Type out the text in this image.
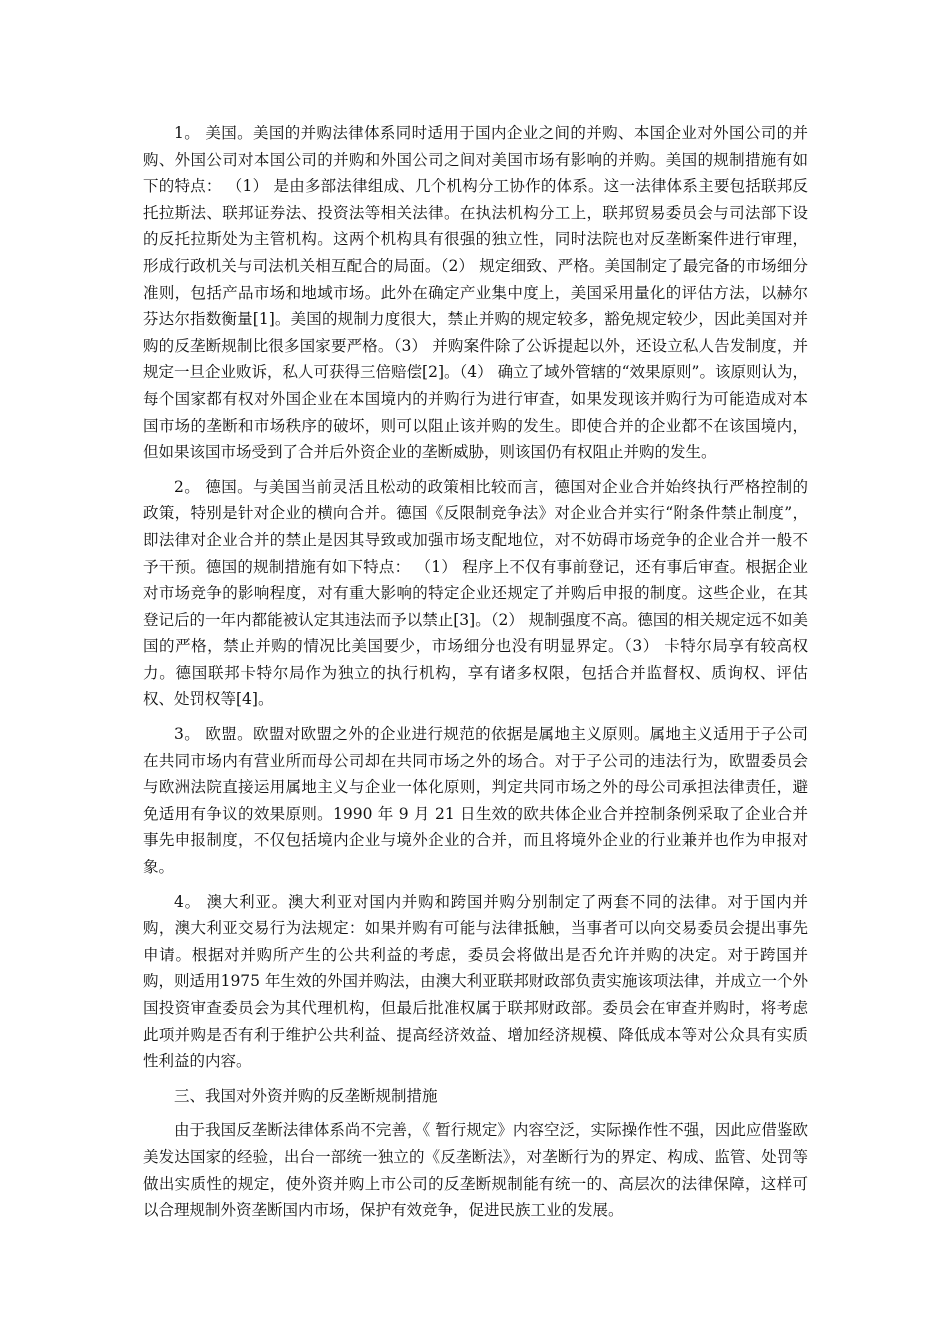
1。 美国。美国的并购法律体系同时适用于国内企业之间的并购、本国企业对外国公司的并购、外国公司对本国公司的并购和外国公司之间对美国市场有影响的并购。美国的规制措施有如下的特点： （1） 是由多部法律组成、几个机构分工协作的体系。这一法律体系主要包括联邦反托拉斯法、联邦证券法、投资法等相关法律。在执法机构分工上，联邦贸易委员会与司法部下设的反托拉斯处为主管机构。这两个机构具有很强的独立性，同时法院也对反垄断案件进行审理，形成行政机关与司法机关相互配合的局面。（2） 规定细致、严格。美国制定了最完备的市场细分准则，包括产品市场和地域市场。此外在确定产业集中度上，美国采用量化的评估方法，以赫尔芬达尔指数衡量[1]。美国的规制力度很大，禁止并购的规定较多，豁免规定较少，因此美国对并购的反垄断规制比很多国家要严格。（3） 并购案件除了公诉提起以外，还设立私人告发制度，并规定一旦企业败诉，私人可获得三倍赔偿[2]。（4） 确立了域外管辖的“效果原则”。该原则认为，每个国家都有权对外国企业在本国境内的并购行为进行审查，如果发现该并购行为可能造成对本国市场的垄断和市场秩序的破坏，则可以阻止该并购的发生。即使合并的企业都不在该国境内，但如果该国市场受到了合并后外资企业的垄断威胁，则该国仍有权阻止并购的发生。

2。 德国。与美国当前灵活且松动的政策相比较而言，德国对企业合并始终执行严格控制的政策，特别是针对企业的横向合并。德国《反限制竞争法》对企业合并实行“附条件禁止制度”，即法律对企业合并的禁止是因其导致或加强市场支配地位，对不妨碍市场竞争的企业合并一般不予干预。德国的规制措施有如下特点： （1） 程序上不仅有事前登记，还有事后审查。根据企业对市场竞争的影响程度，对有重大影响的特定企业还规定了并购后申报的制度。这些企业，在其登记后的一年内都能被认定其违法而予以禁止[3]。（2） 规制强度不高。德国的相关规定远不如美国的严格，禁止并购的情况比美国要少，市场细分也没有明显界定。（3） 卡特尔局享有较高权力。德国联邦卡特尔局作为独立的执行机构，享有诸多权限，包括合并监督权、质询权、评估权、处罚权等[4]。

3。 欧盟。欧盟对欧盟之外的企业进行规范的依据是属地主义原则。属地主义适用于子公司在共同市场内有营业所而母公司却在共同市场之外的场合。对于子公司的违法行为，欧盟委员会与欧洲法院直接运用属地主义与企业一体化原则，判定共同市场之外的母公司承担法律责任，避免适用有争议的效果原则。1990 年 9 月 21 日生效的欧共体企业合并控制条例采取了企业合并事先申报制度，不仅包括境内企业与境外企业的合并，而且将境外企业的行业兼并也作为申报对象。

4。 澳大利亚。澳大利亚对国内并购和跨国并购分别制定了两套不同的法律。对于国内并购，澳大利亚交易行为法规定：如果并购有可能与法律抵触，当事者可以向交易委员会提出事先申请。根据对并购所产生的公共利益的考虑，委员会将做出是否允许并购的决定。对于跨国并购，则适用1975 年生效的外国并购法，由澳大利亚联邦财政部负责实施该项法律，并成立一个外国投资审查委员会为其代理机构，但最后批准权属于联邦财政部。委员会在审查并购时，将考虑此项并购是否有利于维护公共利益、提高经济效益、增加经济规模、降低成本等对公众具有实质性利益的内容。

三、我国对外资并购的反垄断规制措施

由于我国反垄断法律体系尚不完善，《 暂行规定》内容空泛，实际操作性不强，因此应借鉴欧美发达国家的经验，出台一部统一独立的《反垄断法》，对垄断行为的界定、构成、监管、处罚等做出实质性的规定，使外资并购上市公司的反垄断规制能有统一的、高层次的法律保障，这样可以合理规制外资垄断国内市场，保护有效竞争，促进民族工业的发展。
